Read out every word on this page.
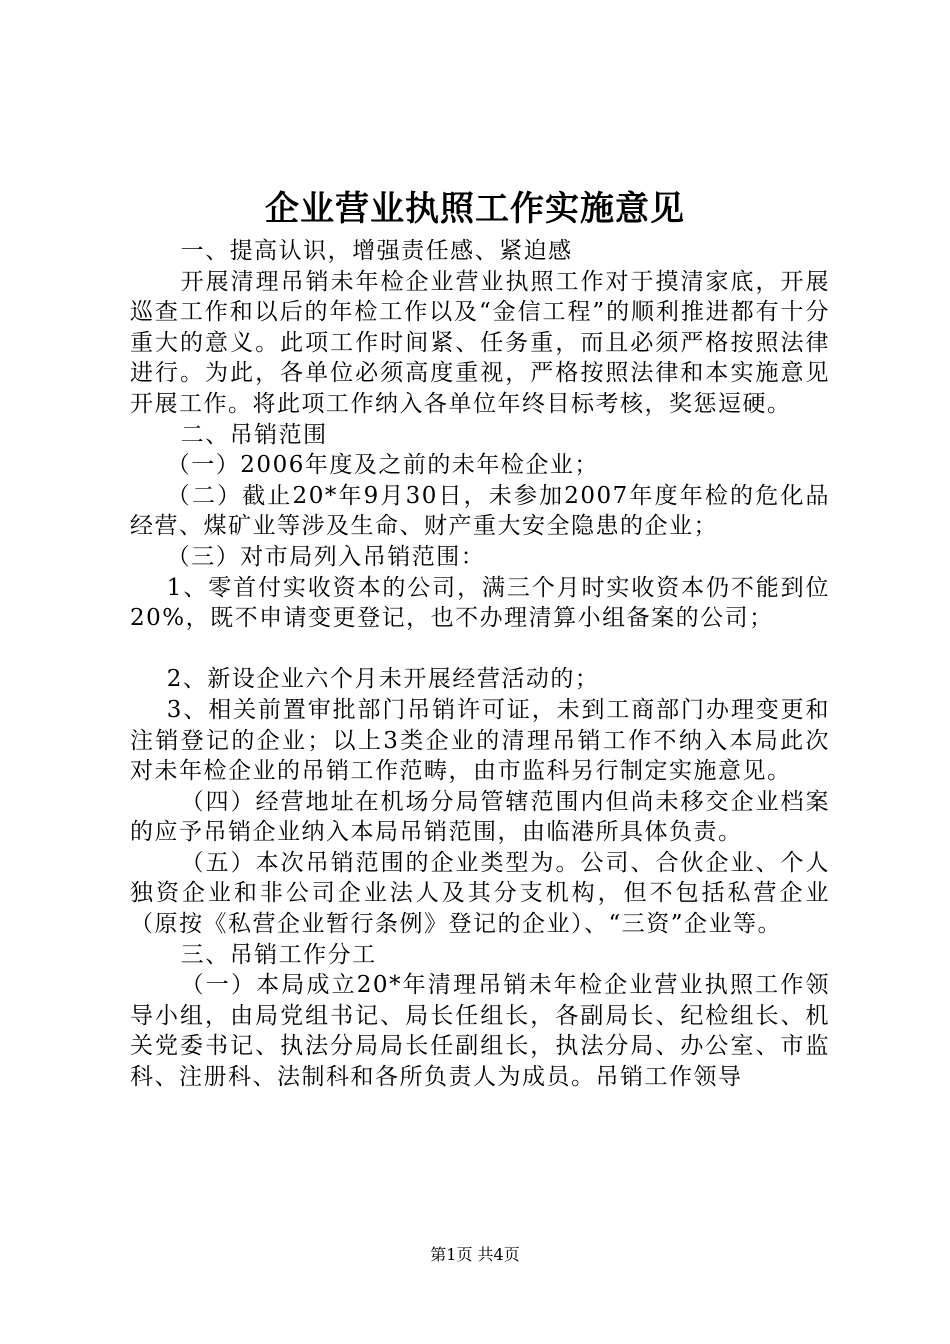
企业营业执照工作实施意见

一、提高认识，增强责任感、紧迫感

开展清理吊销未年检企业营业执照工作对于摸清家底，开展巡查工作和以后的年检工作以及“金信工程”的顺利推进都有十分重大的意义。此项工作时间紧、任务重，而且必须严格按照法律进行。为此，各单位必须高度重视，严格按照法律和本实施意见开展工作。将此项工作纳入各单位年终目标考核，奖惩逗硬。

二、吊销范围

（一）2006年度及之前的未年检企业；

（二）截止20*年9月30日，未参加2007年度年检的危化品经营、煤矿业等涉及生命、财产重大安全隐患的企业；

（三）对市局列入吊销范围：

1、零首付实收资本的公司，满三个月时实收资本仍不能到位20%，既不申请变更登记，也不办理清算小组备案的公司；

2、新设企业六个月未开展经营活动的；

3、相关前置审批部门吊销许可证，未到工商部门办理变更和注销登记的企业；以上3类企业的清理吊销工作不纳入本局此次对未年检企业的吊销工作范畴，由市监科另行制定实施意见。

（四）经营地址在机场分局管辖范围内但尚未移交企业档案的应予吊销企业纳入本局吊销范围，由临港所具体负责。

（五）本次吊销范围的企业类型为。公司、合伙企业、个人独资企业和非公司企业法人及其分支机构，但不包括私营企业（原按《私营企业暂行条例》登记的企业）、“三资”企业等。

三、吊销工作分工

（一）本局成立20*年清理吊销未年检企业营业执照工作领导小组，由局党组书记、局长任组长，各副局长、纪检组长、机关党委书记、执法分局局长任副组长，执法分局、办公室、市监科、注册科、法制科和各所负责人为成员。吊销工作领导

第1页 共4页
